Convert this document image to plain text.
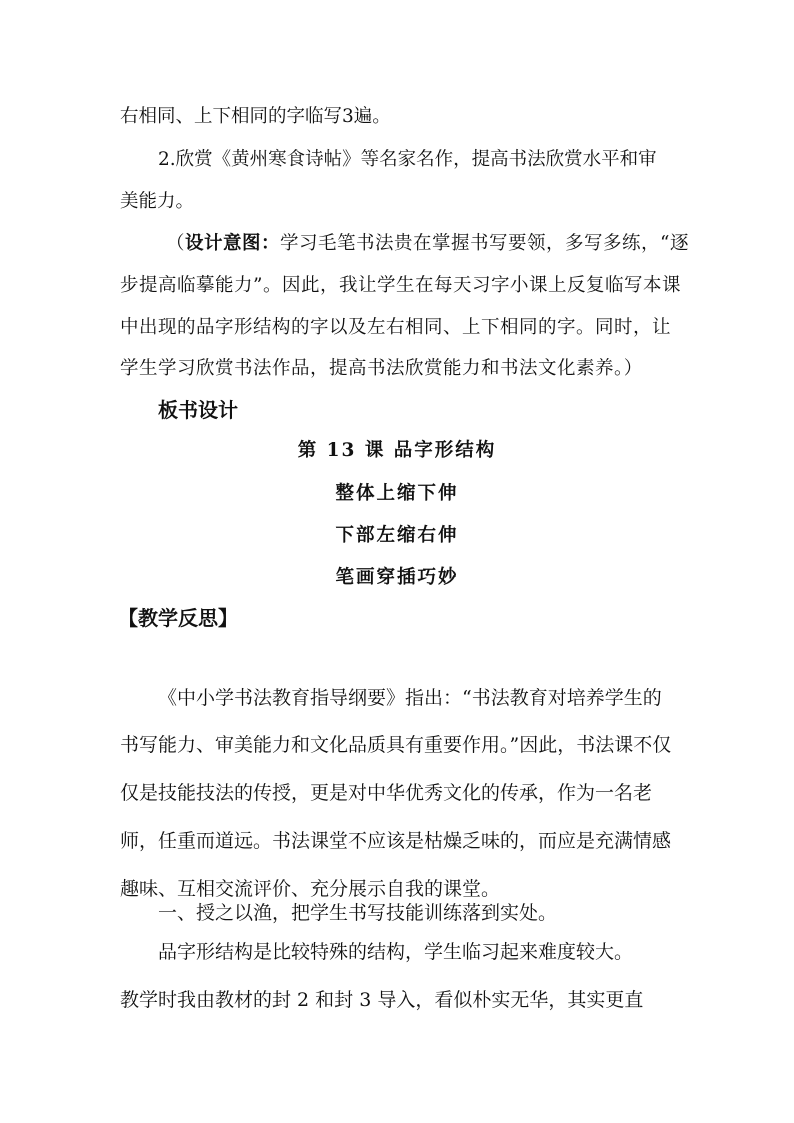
右相同、上下相同的字临写3遍。
2.欣赏《黄州寒食诗帖》等名家名作，提高书法欣赏水平和审
美能力。
（设计意图：学习毛笔书法贵在掌握书写要领，多写多练，“逐
步提高临摹能力”。因此，我让学生在每天习字小课上反复临写本课
中出现的品字形结构的字以及左右相同、上下相同的字。同时，让
学生学习欣赏书法作品，提高书法欣赏能力和书法文化素养。）
板书设计
第 13 课 品字形结构
整体上缩下伸
下部左缩右伸
笔画穿插巧妙
【教学反思】
《中小学书法教育指导纲要》指出：“书法教育对培养学生的
书写能力、审美能力和文化品质具有重要作用。”因此，书法课不仅
仅是技能技法的传授，更是对中华优秀文化的传承，作为一名老
师，任重而道远。书法课堂不应该是枯燥乏味的，而应是充满情感
趣味、互相交流评价、充分展示自我的课堂。
一、授之以渔，把学生书写技能训练落到实处。
品字形结构是比较特殊的结构，学生临习起来难度较大。
教学时我由教材的封 2 和封 3 导入，看似朴实无华，其实更直
